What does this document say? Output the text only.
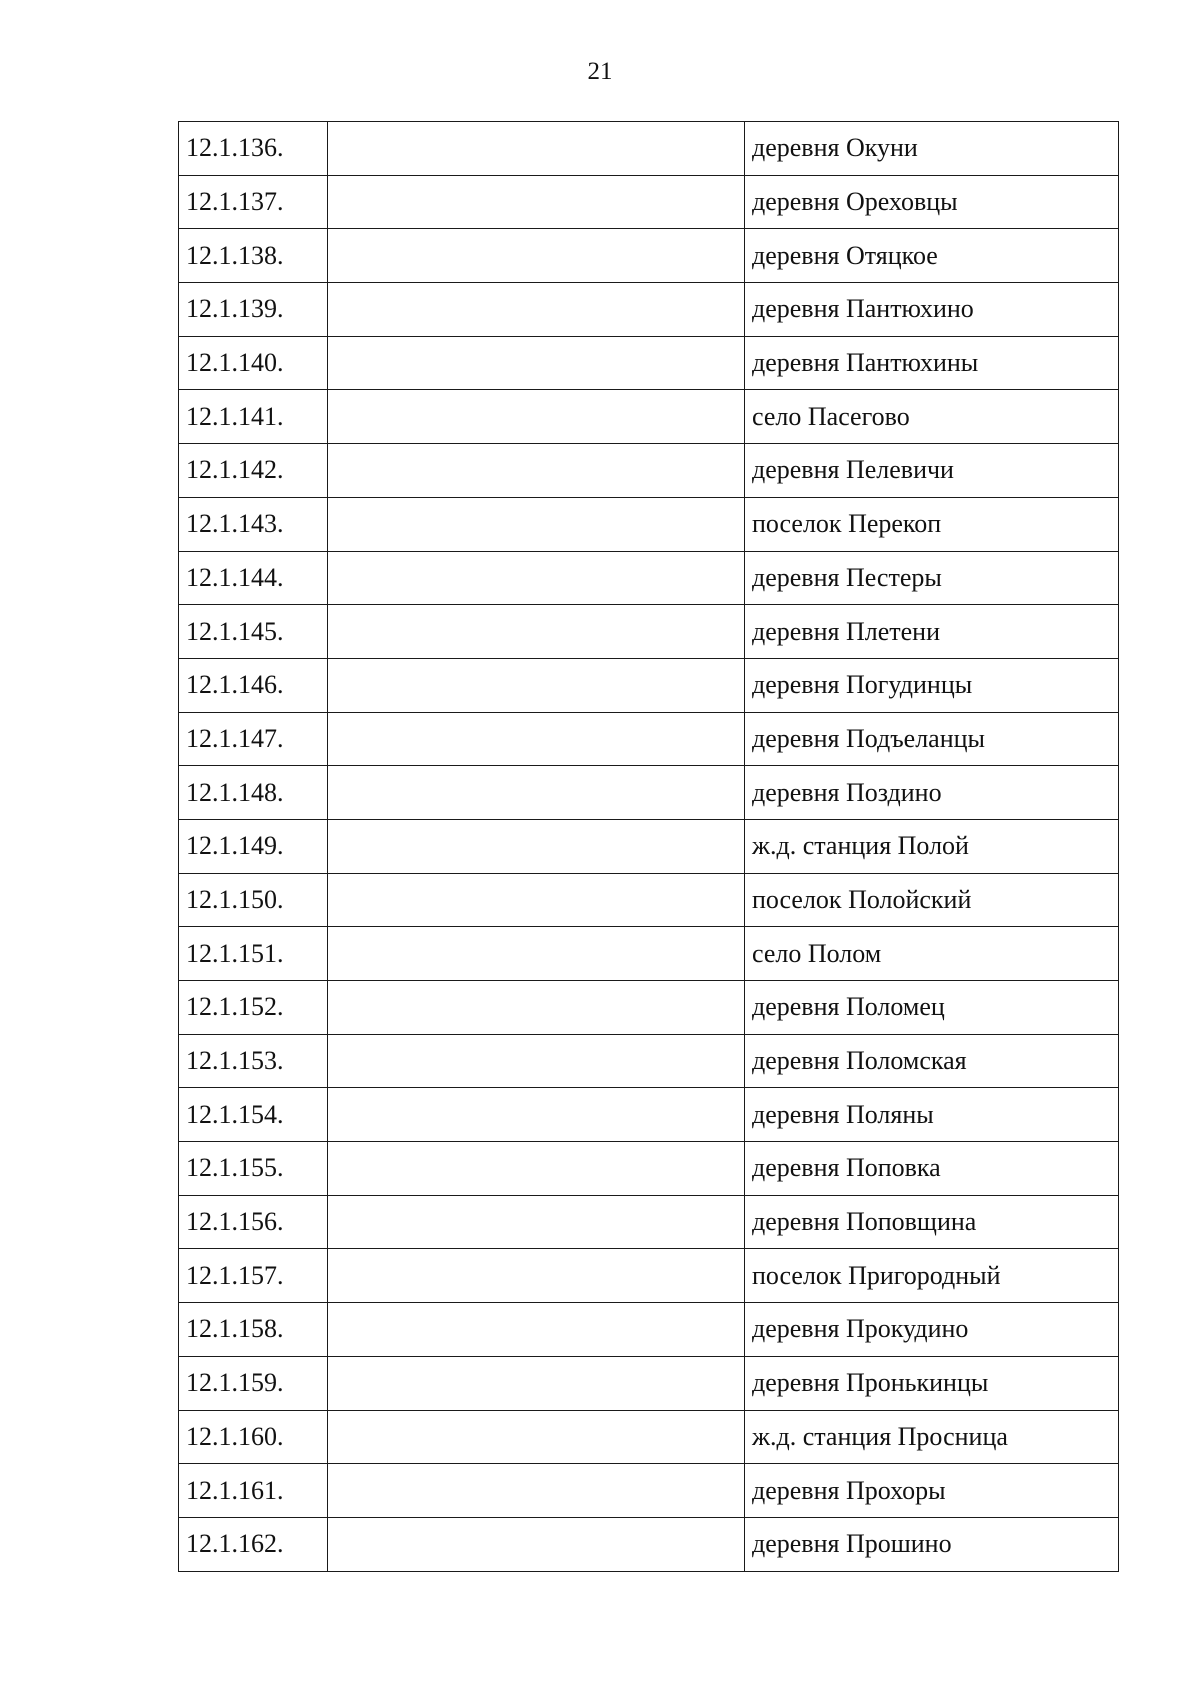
21
12.1.136.		деревня Окуни
12.1.137.		деревня Ореховцы
12.1.138.		деревня Отяцкое
12.1.139.		деревня Пантюхино
12.1.140.		деревня Пантюхины
12.1.141.		село Пасегово
12.1.142.		деревня Пелевичи
12.1.143.		поселок Перекоп
12.1.144.		деревня Пестеры
12.1.145.		деревня Плетени
12.1.146.		деревня Погудинцы
12.1.147.		деревня Подъеланцы
12.1.148.		деревня Поздино
12.1.149.		ж.д. станция Полой
12.1.150.		поселок Полойский
12.1.151.		село Полом
12.1.152.		деревня Поломец
12.1.153.		деревня Поломская
12.1.154.		деревня Поляны
12.1.155.		деревня Поповка
12.1.156.		деревня Поповщина
12.1.157.		поселок Пригородный
12.1.158.		деревня Прокудино
12.1.159.		деревня Пронькинцы
12.1.160.		ж.д. станция Просница
12.1.161.		деревня Прохоры
12.1.162.		деревня Прошино
